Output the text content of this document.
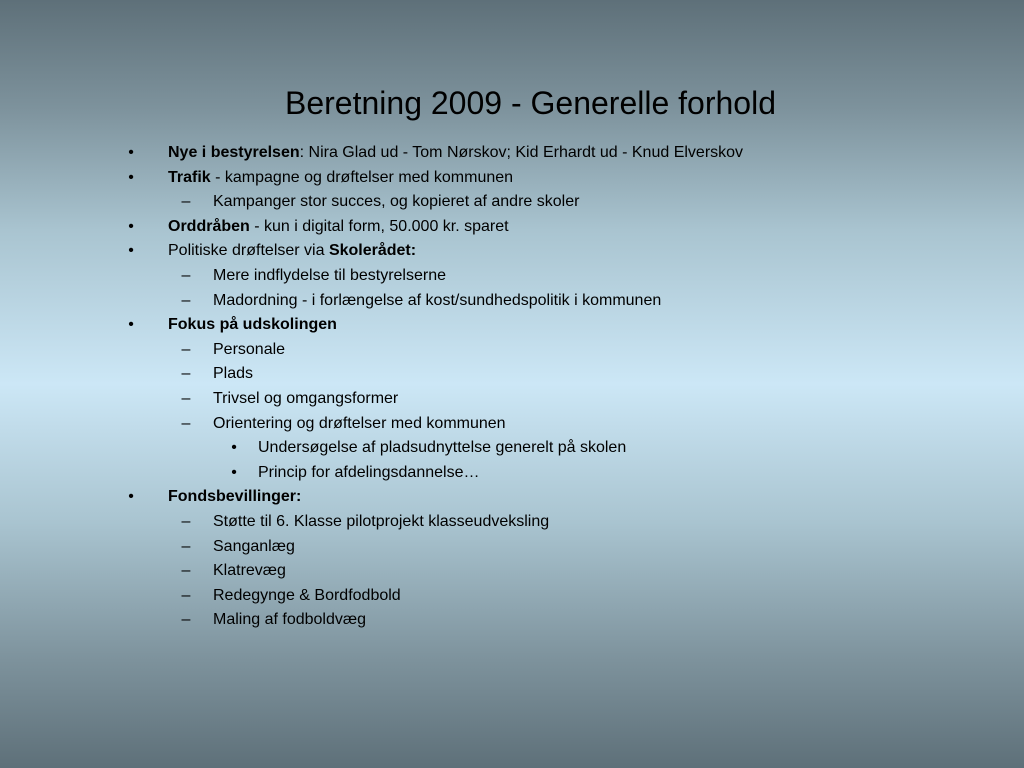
Beretning 2009 - Generelle forhold
•	Nye i bestyrelsen: Nira Glad ud - Tom Nørskov; Kid Erhardt ud - Knud Elverskov
•	Trafik - kampagne og drøftelser med kommunen
–	Kampanger stor succes, og kopieret af andre skoler
•	Orddråben - kun i digital form, 50.000 kr. sparet
•	Politiske drøftelser via Skolerådet:
–	Mere indflydelse til bestyrelserne
–	Madordning - i forlængelse af kost/sundhedspolitik i kommunen
•	Fokus på udskolingen
–	Personale
–	Plads
–	Trivsel og omgangsformer
–	Orientering og drøftelser med kommunen
•	Undersøgelse af pladsudnyttelse generelt på skolen
•	Princip for afdelingsdannelse…
•	Fondsbevillinger:
–	Støtte til 6. Klasse pilotprojekt klasseudveksling
–	Sanganlæg
–	Klatrevæg
–	Redegynge & Bordfodbold
–	Maling af fodboldvæg
